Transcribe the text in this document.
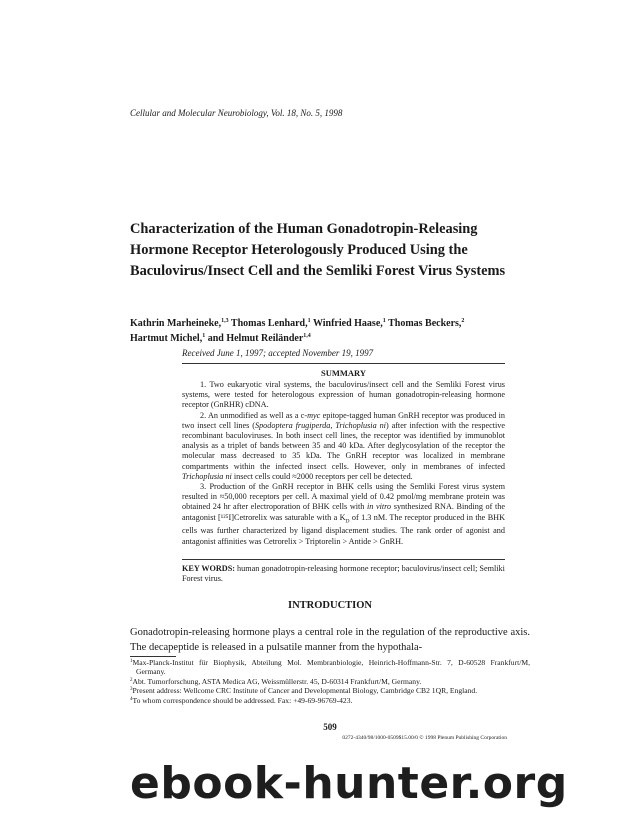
Cellular and Molecular Neurobiology, Vol. 18, No. 5, 1998

Characterization of the Human Gonadotropin-Releasing Hormone Receptor Heterologously Produced Using the Baculovirus/Insect Cell and the Semliki Forest Virus Systems

Kathrin Marheineke,$^{1,3}$ Thomas Lenhard,$^1$ Winfried Haase,$^1$ Thomas Beckers,$^2$
Hartmut Michel,$^1$ and Helmut Reiländer$^{1,4}$

Received June 1, 1997; accepted November 19, 1997

SUMMARY

1. Two eukaryotic viral systems, the baculovirus/insect cell and the Semliki Forest virus systems, were tested for heterologous expression of human gonadotropin-releasing hormone receptor (GnRHR) cDNA.

2. An unmodified as well as a c-myc epitope-tagged human GnRH receptor was produced in two insect cell lines (Spodoptera frugiperda, Trichoplusia ni) after infection with the respective recombinant baculoviruses. In both insect cell lines, the receptor was identified by immunoblot analysis as a triplet of bands between 35 and 40 kDa. After deglycosylation of the receptor the molecular mass decreased to 35 kDa. The GnRH receptor was localized in membrane compartments within the infected insect cells. However, only in membranes of infected Trichoplusia ni insect cells could ≈2000 receptors per cell be detected.

3. Production of the GnRH receptor in BHK cells using the Semliki Forest virus system resulted in ≈50,000 receptors per cell. A maximal yield of 0.42 pmol/mg membrane protein was obtained 24 hr after electroporation of BHK cells with in vitro synthesized RNA. Binding of the antagonist [¹²⁵I]Cetrorelix was saturable with a $K_D$ of 1.3 nM. The receptor produced in the BHK cells was further characterized by ligand displacement studies. The rank order of agonist and antagonist affinities was Cetrorelix > Triptorelin > Antide > GnRH.

KEY WORDS: human gonadotropin-releasing hormone receptor; baculovirus/insect cell; Semliki Forest virus.

INTRODUCTION

Gonadotropin-releasing hormone plays a central role in the regulation of the reproductive axis. The decapeptide is released in a pulsatile manner from the hypothala-

$^1$Max-Planck-Institut für Biophysik, Abteilung Mol. Membranbiologie, Heinrich-Hoffmann-Str. 7, D-60528 Frankfurt/M, Germany.

$^2$Abt. Tumorforschung, ASTA Medica AG, Weissmüllerstr. 45, D-60314 Frankfurt/M, Germany.

$^3$Present address: Wellcome CRC Institute of Cancer and Developmental Biology, Cambridge CB2 1QR, England.

$^4$To whom correspondence should be addressed. Fax: +49-69-96769-423.

509

0272-4340/98/1000-0509$15.00/0 © 1998 Plenum Publishing Corporation

ebook-hunter.org
